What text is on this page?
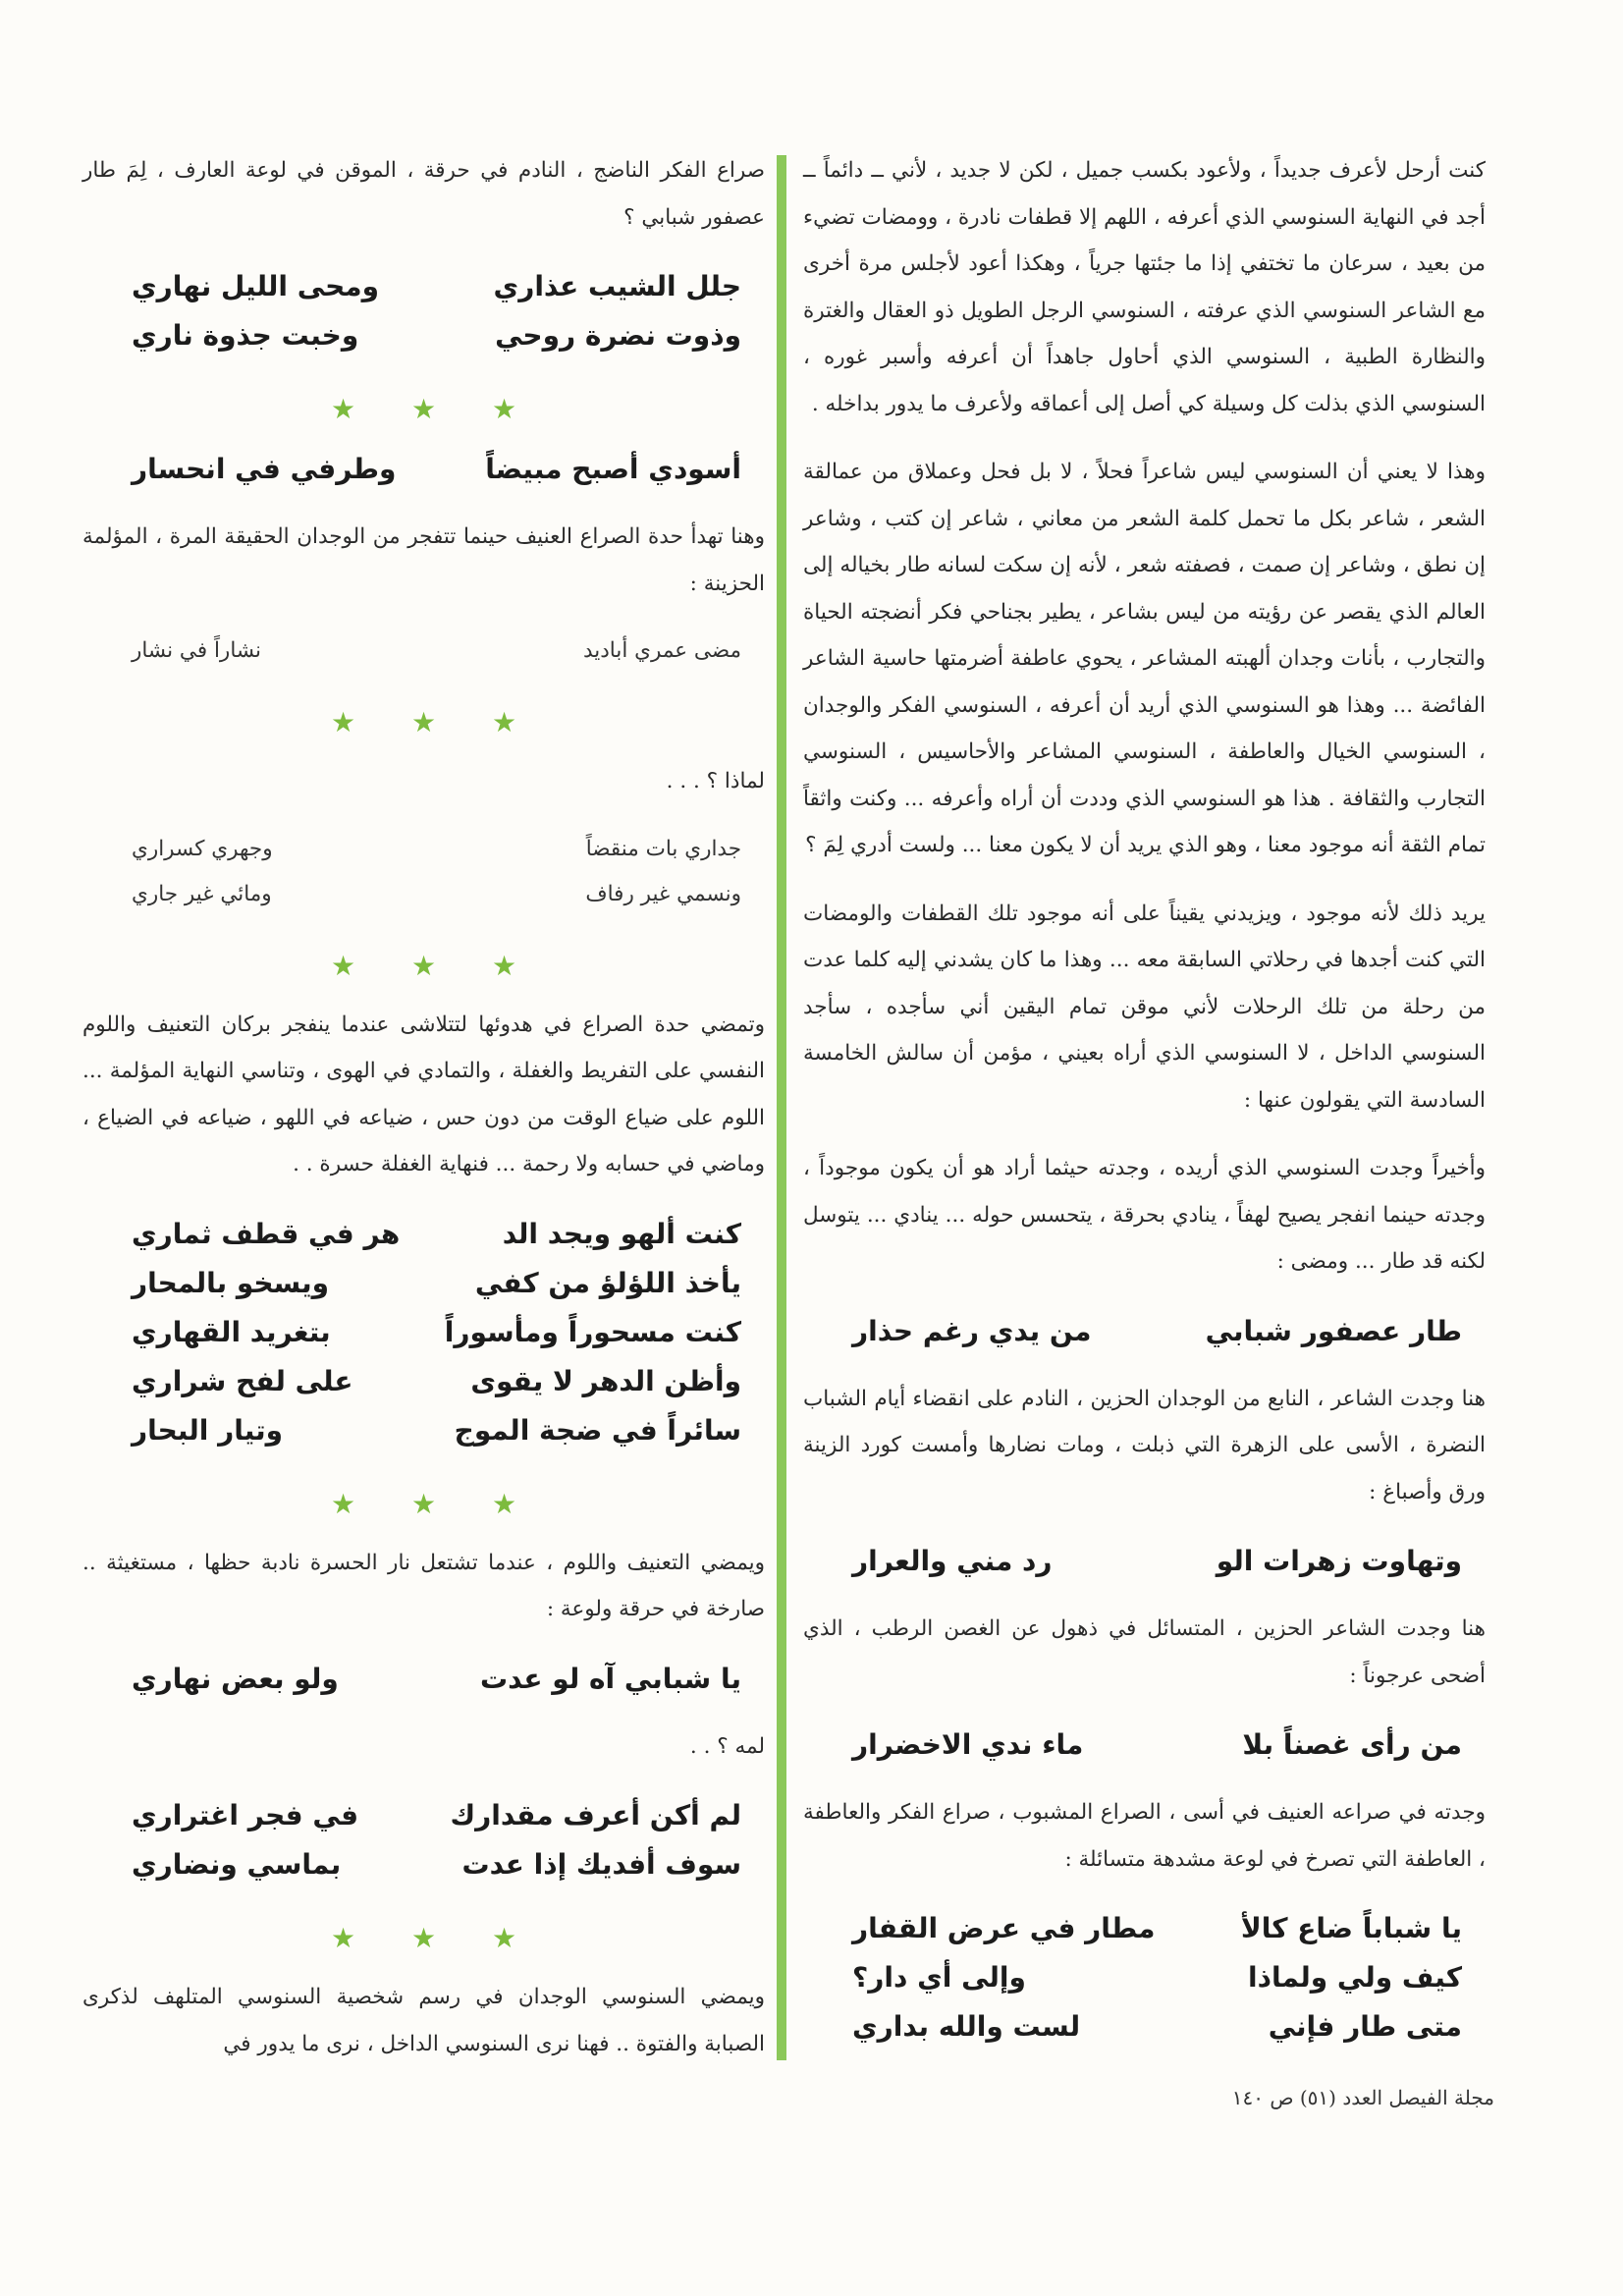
كنت أرحل لأعرف جديداً ، ولأعود بكسب جميل ، لكن لا جديد ، لأني ــ دائماً ــ أجد في النهاية السنوسي الذي أعرفه ، اللهم إلا قطفات نادرة ، وومضات تضيء من بعيد ، سرعان ما تختفي إذا ما جئتها جرياً ، وهكذا أعود لأجلس مرة أخرى مع الشاعر السنوسي الذي عرفته ، السنوسي الرجل الطويل ذو العقال والغترة والنظارة الطبية ، السنوسي الذي أحاول جاهداً أن أعرفه وأسبر غوره ، السنوسي الذي بذلت كل وسيلة كي أصل إلى أعماقه ولأعرف ما يدور بداخله .

وهذا لا يعني أن السنوسي ليس شاعراً فحلاً ، لا بل فحل وعملاق من عمالقة الشعر ، شاعر بكل ما تحمل كلمة الشعر من معاني ، شاعر إن كتب ، وشاعر إن نطق ، وشاعر إن صمت ، فصفته شعر ، لأنه إن سكت لسانه طار بخياله إلى العالم الذي يقصر عن رؤيته من ليس بشاعر ، يطير بجناحي فكر أنضجته الحياة والتجارب ، بأنات وجدان ألهبته المشاعر ، يحوي عاطفة أضرمتها حاسية الشاعر الفائضة ... وهذا هو السنوسي الذي أريد أن أعرفه ، السنوسي الفكر والوجدان ، السنوسي الخيال والعاطفة ، السنوسي المشاعر والأحاسيس ، السنوسي التجارب والثقافة . هذا هو السنوسي الذي وددت أن أراه وأعرفه ... وكنت واثقاً تمام الثقة أنه موجود معنا ، وهو الذي يريد أن لا يكون معنا ... ولست أدري لِمَ ؟

يريد ذلك لأنه موجود ، ويزيدني يقيناً على أنه موجود تلك القطفات والومضات التي كنت أجدها في رحلاتي السابقة معه ... وهذا ما كان يشدني إليه كلما عدت من رحلة من تلك الرحلات لأني موقن تمام اليقين أني سأجده ، سأجد السنوسي الداخل ، لا السنوسي الذي أراه بعيني ، مؤمن أن سالش الخامسة السادسة التي يقولون عنها :

وأخيراً وجدت السنوسي الذي أريده ، وجدته حيثما أراد هو أن يكون موجوداً ، وجدته حينما انفجر يصيح لهفاً ، ينادي بحرقة ، يتحسس حوله ... ينادي ... يتوسل لكنه قد طار ... ومضى :

طار عصفور شبابي
من يدي رغم حذار

هنا وجدت الشاعر ، النابع من الوجدان الحزين ، النادم على انقضاء أيام الشباب النضرة ، الأسى على الزهرة التي ذبلت ، ومات نضارها وأمست كورد الزينة ورق وأصباغ :

وتهاوت زهرات الو
رد مني والعرار

هنا وجدت الشاعر الحزين ، المتسائل في ذهول عن الغصن الرطب ، الذي أضحى عرجوناً :

من رأى غصناً بلا
ماء ندي الاخضرار

وجدته في صراعه العنيف في أسى ، الصراع المشبوب ، صراع الفكر والعاطفة ، العاطفة التي تصرخ في لوعة مشدهة متسائلة :

يا شباباً ضاع كالأ
مطار في عرض القفار
كيف ولي ولماذا
وإلى أي دار؟
متى طار فإني
لست والله بداري

صراع الفكر الناضج ، النادم في حرقة ، الموقن في لوعة العارف ، لِمَ طار عصفور شبابي ؟

جلل الشيب عذاري
ومحى الليل نهاري
وذوت نضرة روحي
وخبت جذوة ناري
★ ★ ★
أسودي أصبح مبيضاً
وطرفي في انحسار

وهنا تهدأ حدة الصراع العنيف حينما تتفجر من الوجدان الحقيقة المرة ، المؤلمة الحزينة :

مضى عمري أباديد
نشاراً في نشار
★ ★ ★

لماذا ؟ . . .

جداري بات منقضاً
وجهري كسراري
ونسمي غير رفاف
ومائي غير جاري
★ ★ ★

وتمضي حدة الصراع في هدوئها لتتلاشى عندما ينفجر بركان التعنيف واللوم النفسي على التفريط والغفلة ، والتمادي في الهوى ، وتناسي النهاية المؤلمة ... اللوم على ضياع الوقت من دون حس ، ضياعه في اللهو ، ضياعه في الضياع ، وماضي في حسابه ولا رحمة ... فنهاية الغفلة حسرة . .

كنت ألهو ويجد الد
هر في قطف ثماري
يأخذ اللؤلؤ من كفي
ويسخو بالمحار
كنت مسحوراً ومأسوراً
بتغريد القهاري
وأظن الدهر لا يقوى
على لفح شراري
سائراً في ضجة الموج
وتيار البحار
★ ★ ★

ويمضي التعنيف واللوم ، عندما تشتعل نار الحسرة نادبة حظها ، مستغيثة .. صارخة في حرقة ولوعة :

يا شبابي آه لو عدت
ولو بعض نهاري

لمه ؟ . .

لم أكن أعرف مقدارك
في فجر اغتراري
سوف أفديك إذا عدت
بماسي ونضاري
★ ★ ★

ويمضي السنوسي الوجدان في رسم شخصية السنوسي المتلهف لذكرى الصبابة والفتوة .. فهنا نرى السنوسي الداخل ، نرى ما يدور في

مجلة الفيصل العدد (٥١) ص ١٤٠
